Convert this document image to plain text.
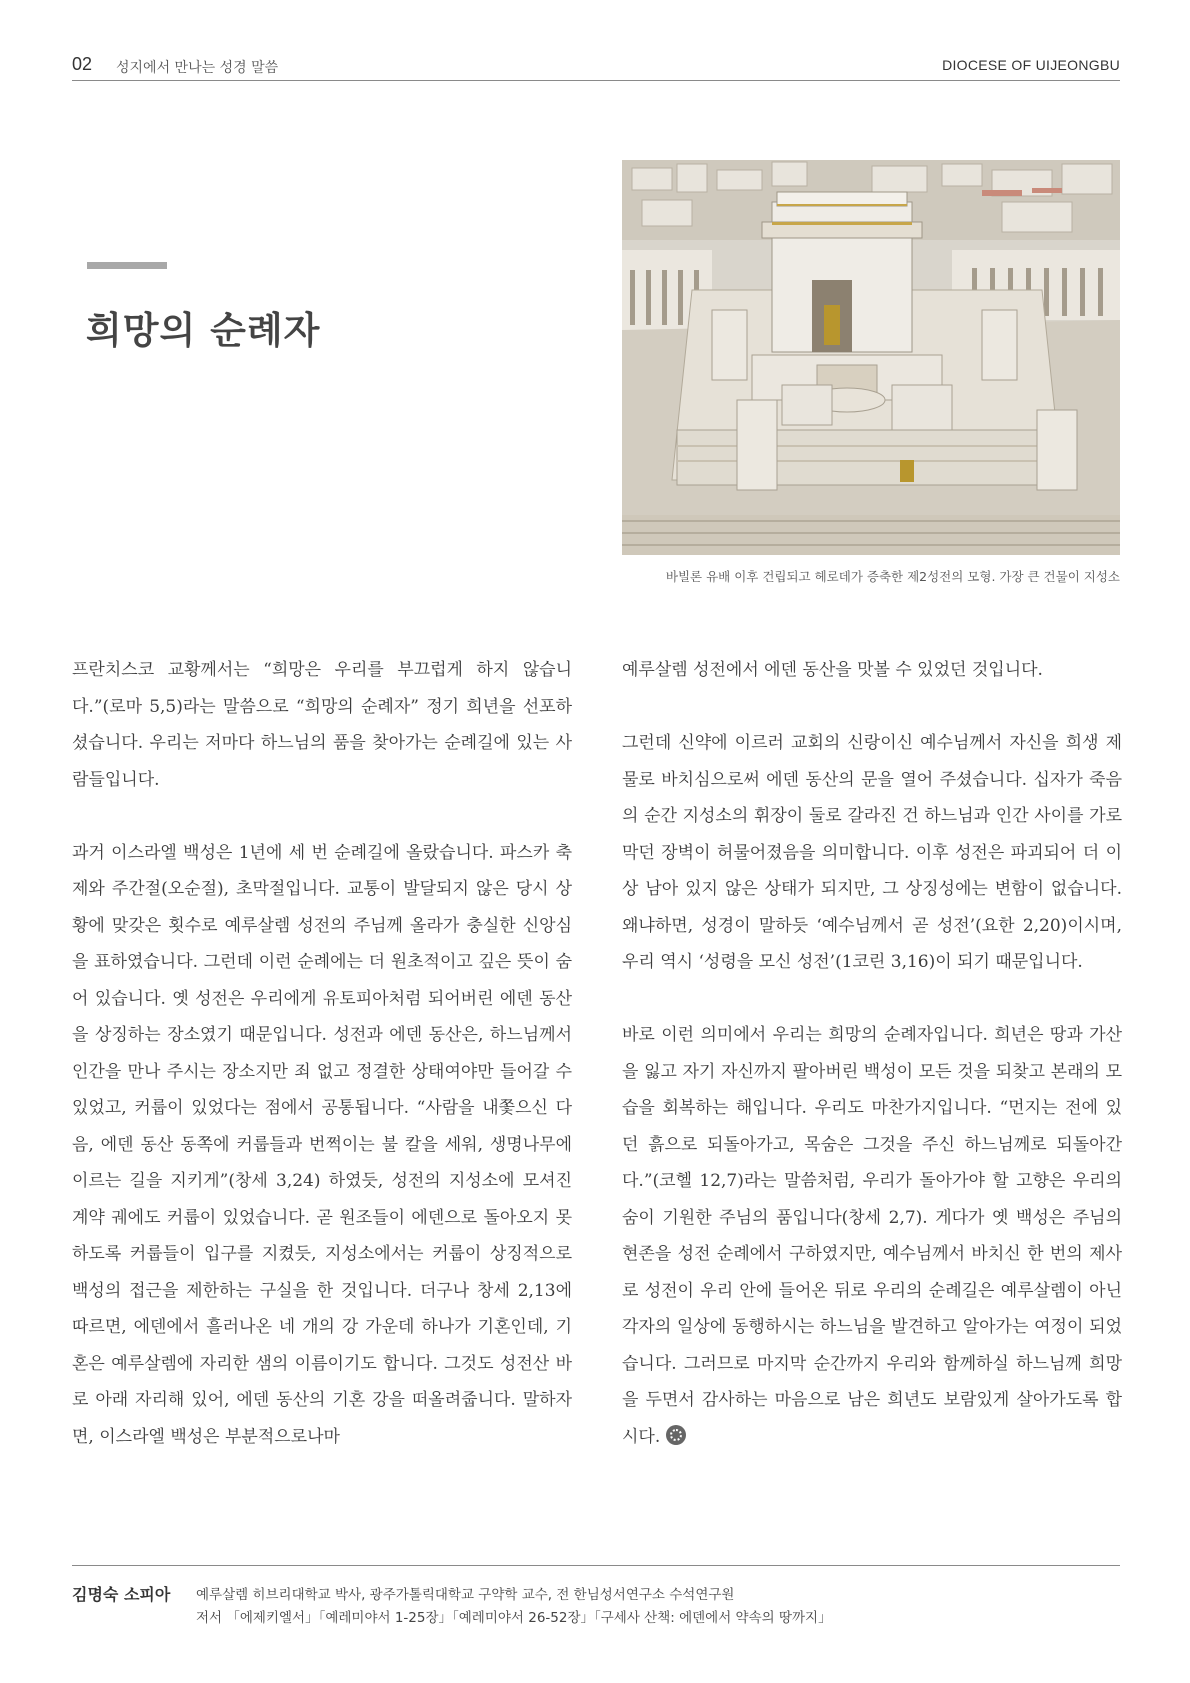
02 성지에서 만나는 성경 말씀	DIOCESE OF UIJEONGBU
희망의 순례자
바빌론 유배 이후 건립되고 헤로데가 증축한 제2성전의 모형. 가장 큰 건물이 지성소

프란치스코 교황께서는 “희망은 우리를 부끄럽게 하지 않습니다.”(로마 5,5)라는 말씀으로 “희망의 순례자” 정기 희년을 선포하셨습니다. 우리는 저마다 하느님의 품을 찾아가는 순례길에 있는 사람들입니다.

과거 이스라엘 백성은 1년에 세 번 순례길에 올랐습니다. 파스카 축제와 주간절(오순절), 초막절입니다. 교통이 발달되지 않은 당시 상황에 맞갖은 횟수로 예루살렘 성전의 주님께 올라가 충실한 신앙심을 표하였습니다. 그런데 이런 순례에는 더 원초적이고 깊은 뜻이 숨어 있습니다. 옛 성전은 우리에게 유토피아처럼 되어버린 에덴 동산을 상징하는 장소였기 때문입니다. 성전과 에덴 동산은, 하느님께서 인간을 만나 주시는 장소지만 죄 없고 정결한 상태여야만 들어갈 수 있었고, 커룹이 있었다는 점에서 공통됩니다. “사람을 내쫓으신 다음, 에덴 동산 동쪽에 커룹들과 번쩍이는 불 칼을 세워, 생명나무에 이르는 길을 지키게”(창세 3,24) 하였듯, 성전의 지성소에 모셔진 계약 궤에도 커룹이 있었습니다. 곧 원조들이 에덴으로 돌아오지 못하도록 커룹들이 입구를 지켰듯, 지성소에서는 커룹이 상징적으로 백성의 접근을 제한하는 구실을 한 것입니다. 더구나 창세 2,13에 따르면, 에덴에서 흘러나온 네 개의 강 가운데 하나가 기혼인데, 기혼은 예루살렘에 자리한 샘의 이름이기도 합니다. 그것도 성전산 바로 아래 자리해 있어, 에덴 동산의 기혼 강을 떠올려줍니다. 말하자면, 이스라엘 백성은 부분적으로나마

예루살렘 성전에서 에덴 동산을 맛볼 수 있었던 것입니다.

그런데 신약에 이르러 교회의 신랑이신 예수님께서 자신을 희생 제물로 바치심으로써 에덴 동산의 문을 열어 주셨습니다. 십자가 죽음의 순간 지성소의 휘장이 둘로 갈라진 건 하느님과 인간 사이를 가로막던 장벽이 허물어졌음을 의미합니다. 이후 성전은 파괴되어 더 이상 남아 있지 않은 상태가 되지만, 그 상징성에는 변함이 없습니다. 왜냐하면, 성경이 말하듯 ‘예수님께서 곧 성전’(요한 2,20)이시며, 우리 역시 ‘성령을 모신 성전’(1코린 3,16)이 되기 때문입니다.

바로 이런 의미에서 우리는 희망의 순례자입니다. 희년은 땅과 가산을 잃고 자기 자신까지 팔아버린 백성이 모든 것을 되찾고 본래의 모습을 회복하는 해입니다. 우리도 마찬가지입니다. “먼지는 전에 있던 흙으로 되돌아가고, 목숨은 그것을 주신 하느님께로 되돌아간다.”(코헬 12,7)라는 말씀처럼, 우리가 돌아가야 할 고향은 우리의 숨이 기원한 주님의 품입니다(창세 2,7). 게다가 옛 백성은 주님의 현존을 성전 순례에서 구하였지만, 예수님께서 바치신 한 번의 제사로 성전이 우리 안에 들어온 뒤로 우리의 순례길은 예루살렘이 아닌 각자의 일상에 동행하시는 하느님을 발견하고 알아가는 여정이 되었습니다. 그러므로 마지막 순간까지 우리와 함께하실 하느님께 희망을 두면서 감사하는 마음으로 남은 희년도 보람있게 살아가도록 합시다.

김명숙 소피아 예루살렘 히브리대학교 박사, 광주가톨릭대학교 구약학 교수, 전 한님성서연구소 수석연구원
저서 「에제키엘서」「예레미야서 1-25장」「예레미야서 26-52장」「구세사 산책: 에덴에서 약속의 땅까지」
